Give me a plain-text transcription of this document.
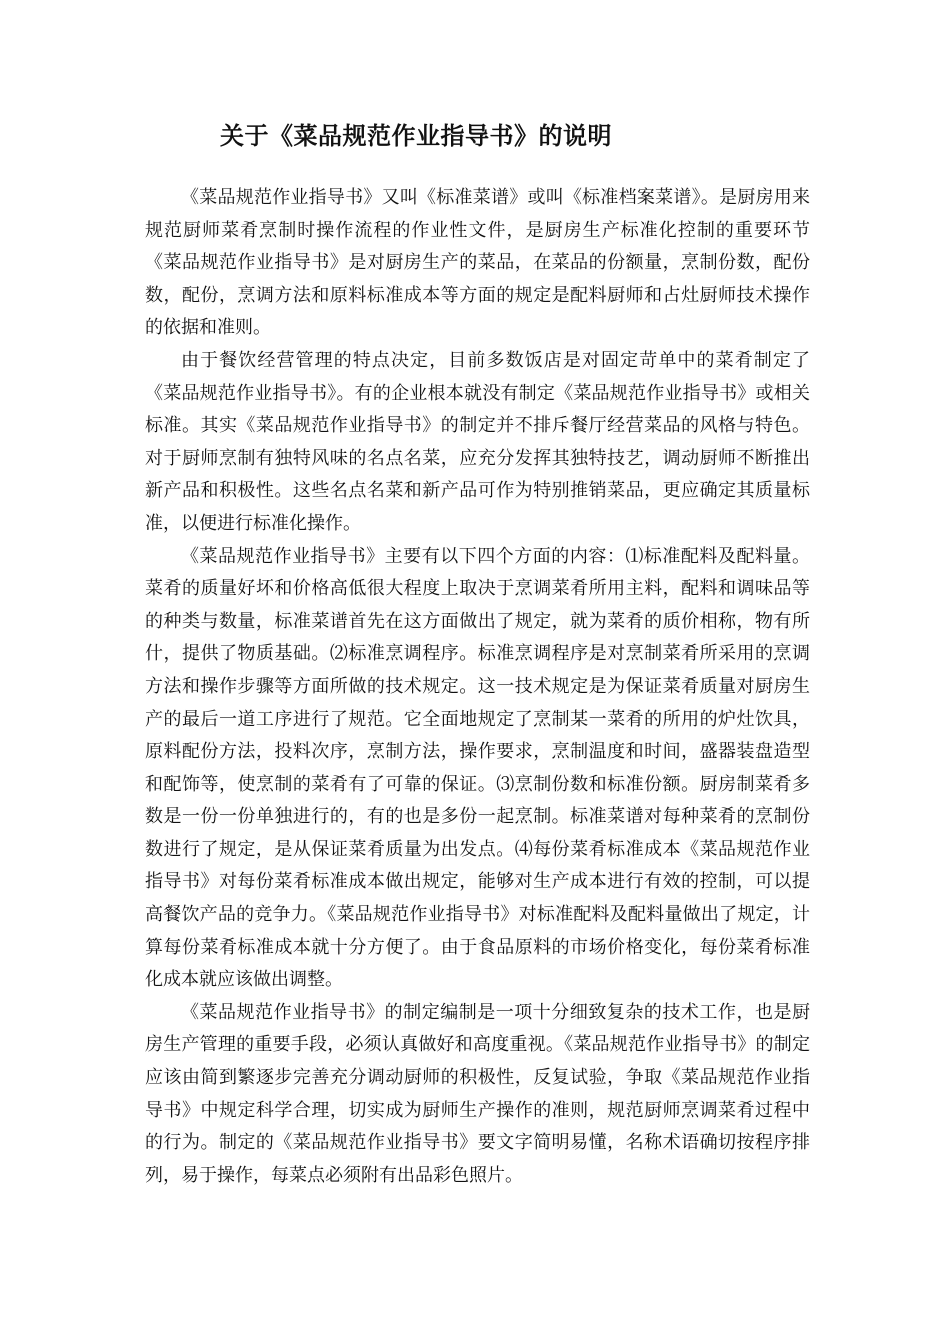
关于《菜品规范作业指导书》的说明

《菜品规范作业指导书》又叫《标准菜谱》或叫《标准档案菜谱》。是厨房用来规范厨师菜肴烹制时操作流程的作业性文件，是厨房生产标准化控制的重要环节《菜品规范作业指导书》是对厨房生产的菜品，在菜品的份额量，烹制份数，配份数，配份，烹调方法和原料标准成本等方面的规定是配料厨师和占灶厨师技术操作的依据和准则。

由于餐饮经营管理的特点决定，目前多数饭店是对固定苛单中的菜肴制定了《菜品规范作业指导书》。有的企业根本就没有制定《菜品规范作业指导书》或相关标准。其实《菜品规范作业指导书》的制定并不排斥餐厅经营菜品的风格与特色。对于厨师烹制有独特风味的名点名菜，应充分发挥其独特技艺，调动厨师不断推出新产品和积极性。这些名点名菜和新产品可作为特别推销菜品，更应确定其质量标准，以便进行标准化操作。

《菜品规范作业指导书》主要有以下四个方面的内容：⑴标准配料及配料量。菜肴的质量好坏和价格高低很大程度上取决于烹调菜肴所用主料，配料和调味品等的种类与数量，标准菜谱首先在这方面做出了规定，就为菜肴的质价相称，物有所什，提供了物质基础。⑵标准烹调程序。标准烹调程序是对烹制菜肴所采用的烹调方法和操作步骤等方面所做的技术规定。这一技术规定是为保证菜肴质量对厨房生产的最后一道工序进行了规范。它全面地规定了烹制某一菜肴的所用的炉灶饮具，原料配份方法，投料次序，烹制方法，操作要求，烹制温度和时间，盛器装盘造型和配饰等，使烹制的菜肴有了可靠的保证。⑶烹制份数和标准份额。厨房制菜肴多数是一份一份单独进行的，有的也是多份一起烹制。标准菜谱对每种菜肴的烹制份数进行了规定，是从保证菜肴质量为出发点。⑷每份菜肴标准成本《菜品规范作业指导书》对每份菜肴标准成本做出规定，能够对生产成本进行有效的控制，可以提高餐饮产品的竞争力。《菜品规范作业指导书》对标准配料及配料量做出了规定，计算每份菜肴标准成本就十分方便了。由于食品原料的市场价格变化，每份菜肴标准化成本就应该做出调整。

《菜品规范作业指导书》的制定编制是一项十分细致复杂的技术工作，也是厨房生产管理的重要手段，必须认真做好和高度重视。《菜品规范作业指导书》的制定应该由简到繁逐步完善充分调动厨师的积极性，反复试验，争取《菜品规范作业指导书》中规定科学合理，切实成为厨师生产操作的准则，规范厨师烹调菜肴过程中的行为。制定的《菜品规范作业指导书》要文字简明易懂，名称术语确切按程序排列，易于操作，每菜点必须附有出品彩色照片。
